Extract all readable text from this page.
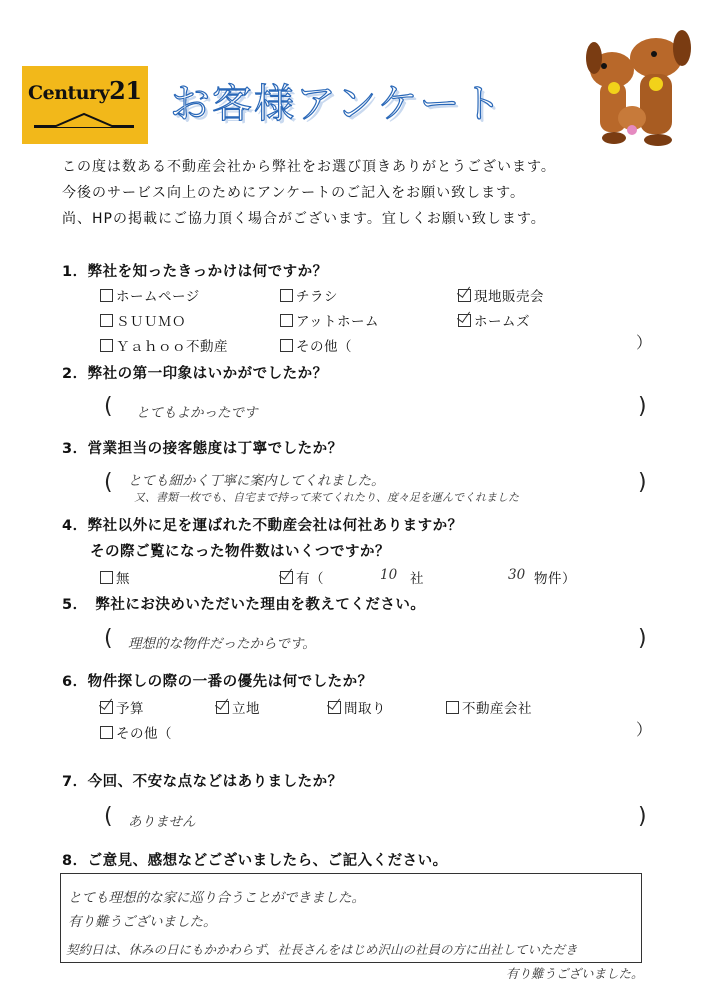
Century21 お客様アンケート
この度は数ある不動産会社から弊社をお選び頂きありがとうございます。
今後のサービス向上のためにアンケートのご記入をお願い致します。
尚、HPの掲載にご協力頂く場合がございます。宜しくお願い致します。
1．弊社を知ったきっかけは何ですか？
ホームページ	チラシ	現地販売会
ＳＵＵＭＯ	アットホーム	ホームズ
Ｙａｈｏｏ不動産	その他（	）
2．弊社の第一印象はいかがでしたか？
( とてもよかったです	)
3．営業担当の接客態度は丁寧でしたか？
( とても細かく丁寧に案内してくれました。
又、書類一枚でも、自宅まで持って来てくれたり、度々足を運んでくれました
)
4．弊社以外に足を運ばれた不動産会社は何社ありますか？
その際ご覧になった物件数はいくつですか？
無	有（	10 社	30 物件）
5．　弊社にお決めいただいた理由を教えてください。
( 理想的な物件だったからです。	)
6．物件探しの際の一番の優先は何でしたか？
予算	立地	間取り	不動産会社
その他（	）
7．今回、不安な点などはありましたか？
( ありません	)
8．ご意見、感想などございましたら、ご記入ください。
とても理想的な家に巡り合うことができました。
有り難うございました。
契約日は、休みの日にもかかわらず、社長さんをはじめ沢山の社員の方に出社していただき
有り難うございました。
